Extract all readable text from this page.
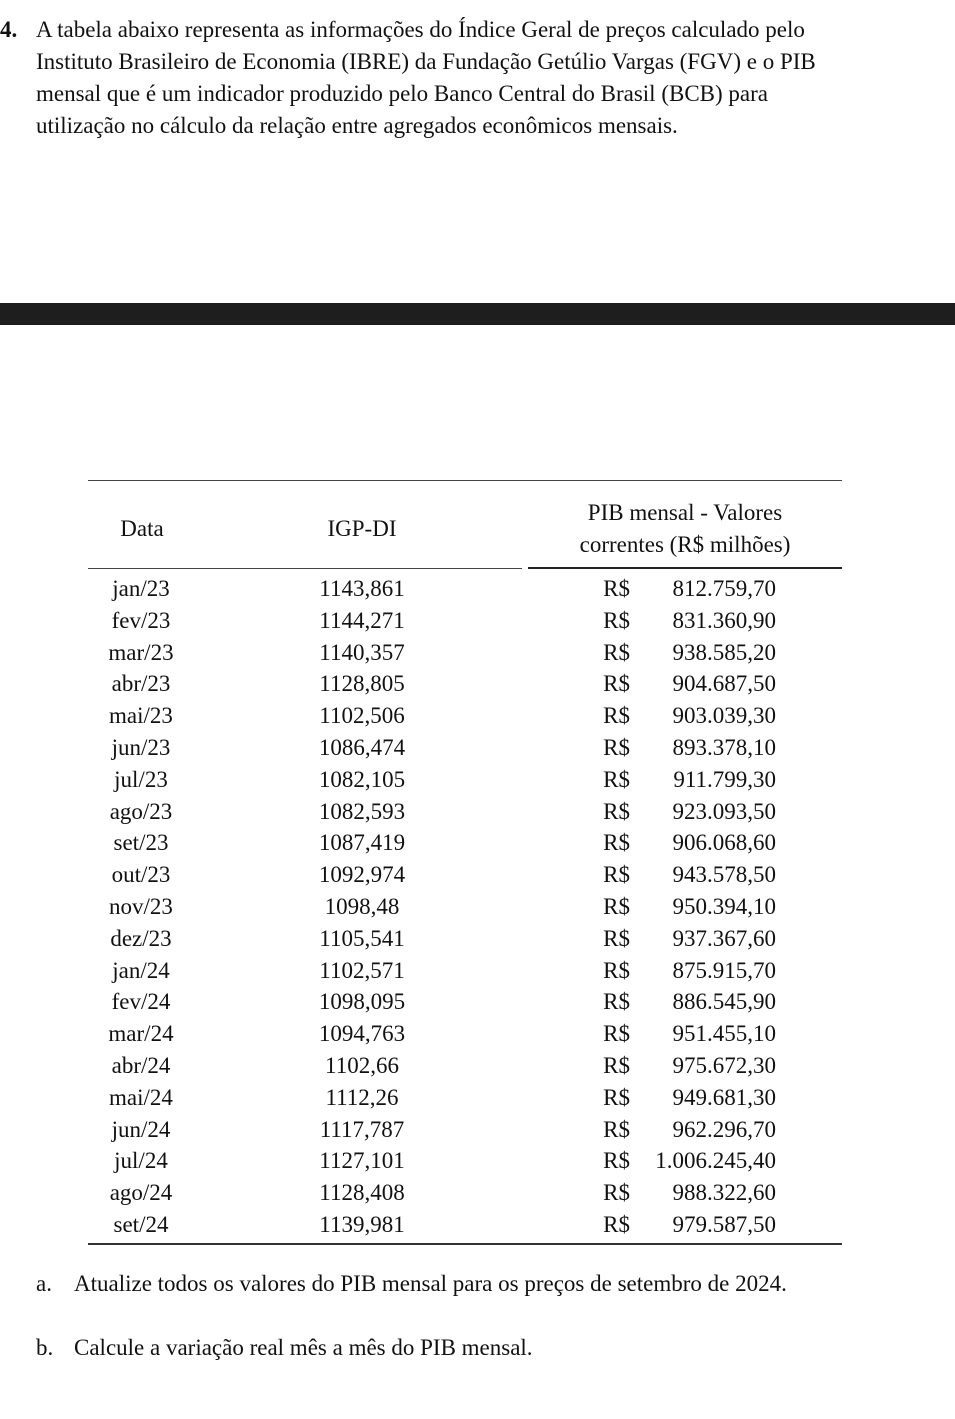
4. A tabela abaixo representa as informações do Índice Geral de preços calculado pelo
Instituto Brasileiro de Economia (IBRE) da Fundação Getúlio Vargas (FGV) e o PIB
mensal que é um indicador produzido pelo Banco Central do Brasil (BCB) para
utilização no cálculo da relação entre agregados econômicos mensais.
Data	IGP-DI
PIB mensal - Valores
correntes (R$ milhões)
jan/23	1143,861	R$	812.759,70
fev/23	1144,271	R$	831.360,90
mar/23	1140,357	R$	938.585,20
abr/23	1128,805	R$	904.687,50
mai/23	1102,506	R$	903.039,30
jun/23	1086,474	R$	893.378,10
jul/23	1082,105	R$	911.799,30
ago/23	1082,593	R$	923.093,50
set/23	1087,419	R$	906.068,60
out/23	1092,974	R$	943.578,50
nov/23	1098,48	R$	950.394,10
dez/23	1105,541	R$	937.367,60
jan/24	1102,571	R$	875.915,70
fev/24	1098,095	R$	886.545,90
mar/24	1094,763	R$	951.455,10
abr/24	1102,66	R$	975.672,30
mai/24	1112,26	R$	949.681,30
jun/24	1117,787	R$	962.296,70
jul/24	1127,101	R$	1.006.245,40
ago/24	1128,408	R$	988.322,60
set/24	1139,981	R$	979.587,50
a. Atualize todos os valores do PIB mensal para os preços de setembro de 2024.
b. Calcule a variação real mês a mês do PIB mensal.
